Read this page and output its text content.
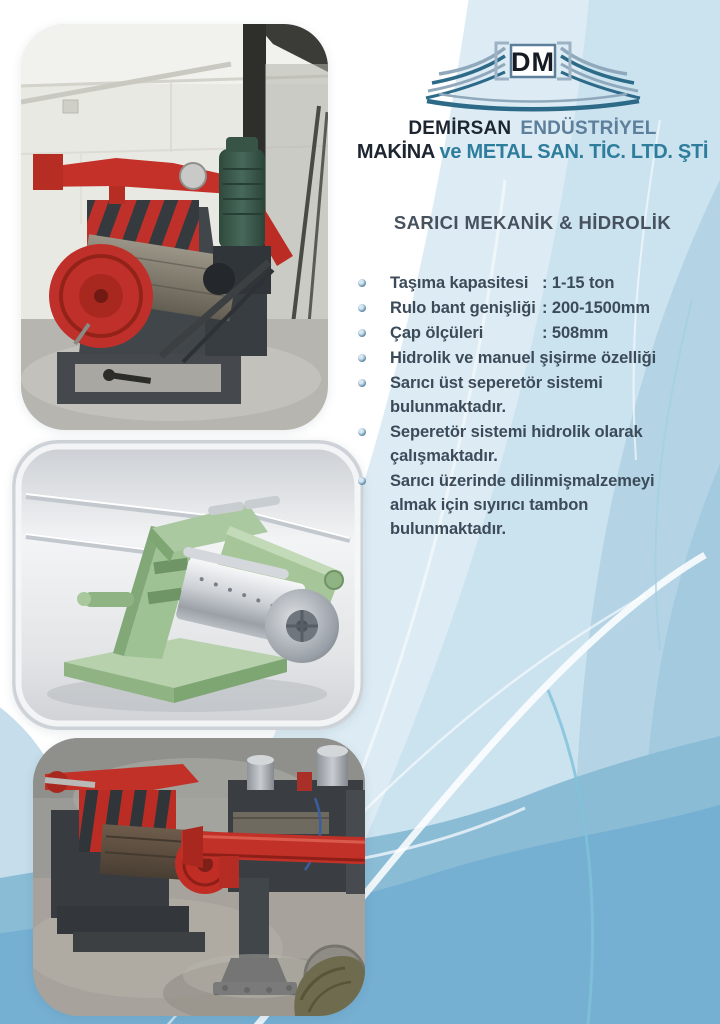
DM
DEMİRSAN ENDÜSTRİYEL
MAKİNA ve METAL SAN. TİC. LTD. ŞTİ
SARICI MEKANİK & HİDROLİK
Taşıma kapasitesi : 1-15 ton
Rulo bant genişliği : 200-1500mm
Çap ölçüleri	: 508mm
Hidrolik ve manuel şişirme özelliği
Sarıcı üst seperetör sistemi bulunmaktadır.
Seperetör sistemi hidrolik olarak çalışmaktadır.
Sarıcı üzerinde dilinmişmalzemeyi almak için sıyırıcı tambon bulunmaktadır.
